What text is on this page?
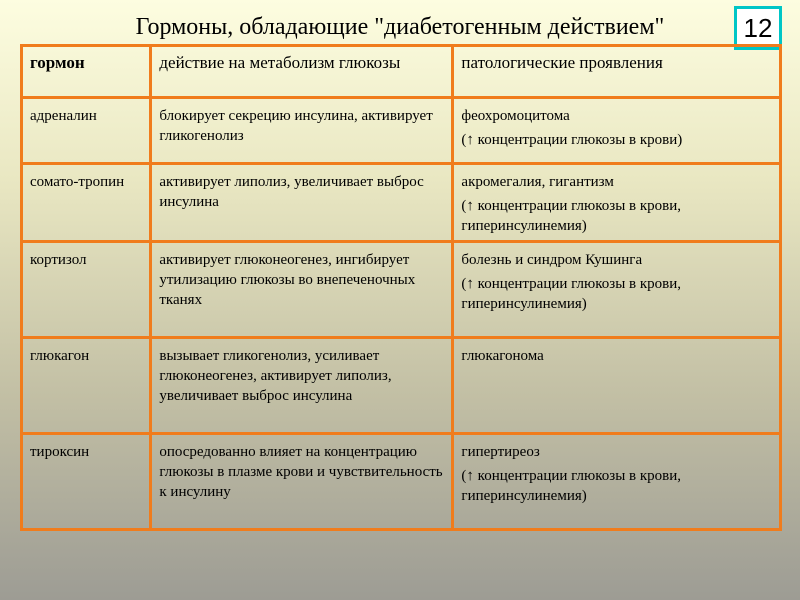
Гормоны, обладающие "диабетогенным действием"	12
гормон	действие на метаболизм глюкозы	патологические проявления
адреналин	блокирует секрецию инсулина, активирует гликогенолиз	феохромоцитома
(↑ концентрации глюкозы в крови)

сомато-тропин	активирует липолиз, увеличивает выброс инсулина	акромегалия, гигантизм
(↑ концентрации глюкозы в крови, гиперинсулинемия)

кортизол	активирует глюконеогенез, ингибирует утилизацию глюкозы во внепеченочных тканях	болезнь и синдром Кушинга
(↑ концентрации глюкозы в крови, гиперинсулинемия)

глюкагон	вызывает гликогенолиз, усиливает глюконеогенез, активирует липолиз, увеличивает выброс инсулина	глюкагонома

тироксин	опосредованно влияет на концентрацию глюкозы в плазме крови и чувствительность к инсулину	гипертиреоз
(↑ концентрации глюкозы в крови, гиперинсулинемия)
